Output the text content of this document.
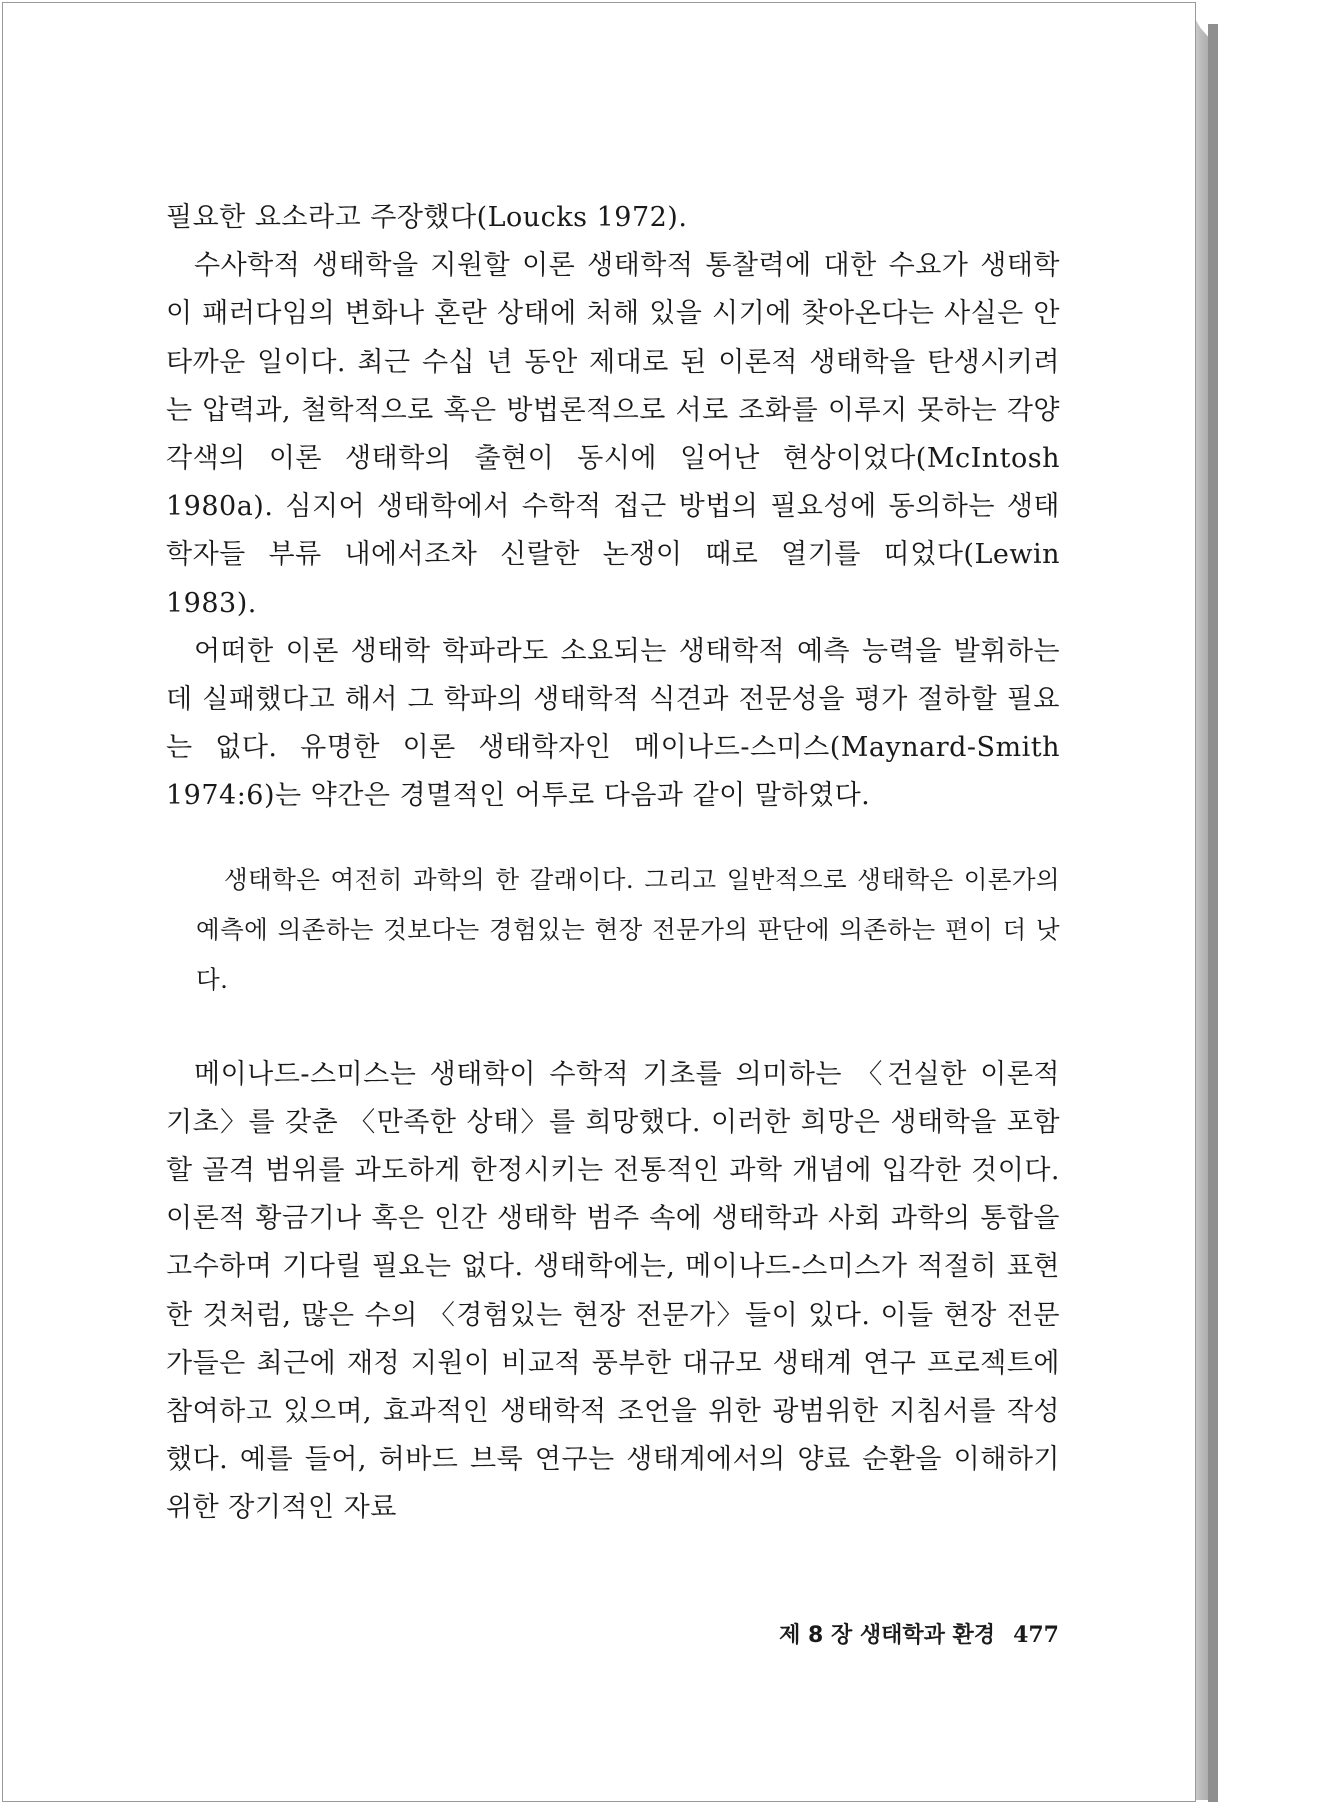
필요한 요소라고 주장했다(Loucks 1972).

수사학적 생태학을 지원할 이론 생태학적 통찰력에 대한 수요가 생태학이 패러다임의 변화나 혼란 상태에 처해 있을 시기에 찾아온다는 사실은 안타까운 일이다. 최근 수십 년 동안 제대로 된 이론적 생태학을 탄생시키려는 압력과, 철학적으로 혹은 방법론적으로 서로 조화를 이루지 못하는 각양각색의 이론 생태학의 출현이 동시에 일어난 현상이었다(McIntosh 1980a). 심지어 생태학에서 수학적 접근 방법의 필요성에 동의하는 생태학자들 부류 내에서조차 신랄한 논쟁이 때로 열기를 띠었다(Lewin 1983).

어떠한 이론 생태학 학파라도 소요되는 생태학적 예측 능력을 발휘하는 데 실패했다고 해서 그 학파의 생태학적 식견과 전문성을 평가 절하할 필요는 없다. 유명한 이론 생태학자인 메이나드-스미스(Maynard-Smith 1974:6)는 약간은 경멸적인 어투로 다음과 같이 말하였다.

생태학은 여전히 과학의 한 갈래이다. 그리고 일반적으로 생태학은 이론가의 예측에 의존하는 것보다는 경험있는 현장 전문가의 판단에 의존하는 편이 더 낫다.

메이나드-스미스는 생태학이 수학적 기초를 의미하는 〈건실한 이론적 기초〉를 갖춘 〈만족한 상태〉를 희망했다. 이러한 희망은 생태학을 포함할 골격 범위를 과도하게 한정시키는 전통적인 과학 개념에 입각한 것이다. 이론적 황금기나 혹은 인간 생태학 범주 속에 생태학과 사회 과학의 통합을 고수하며 기다릴 필요는 없다. 생태학에는, 메이나드-스미스가 적절히 표현한 것처럼, 많은 수의 〈경험있는 현장 전문가〉들이 있다. 이들 현장 전문가들은 최근에 재정 지원이 비교적 풍부한 대규모 생태계 연구 프로젝트에 참여하고 있으며, 효과적인 생태학적 조언을 위한 광범위한 지침서를 작성했다. 예를 들어, 허바드 브룩 연구는 생태계에서의 양료 순환을 이해하기 위한 장기적인 자료

제 8 장 생태학과 환경 477
